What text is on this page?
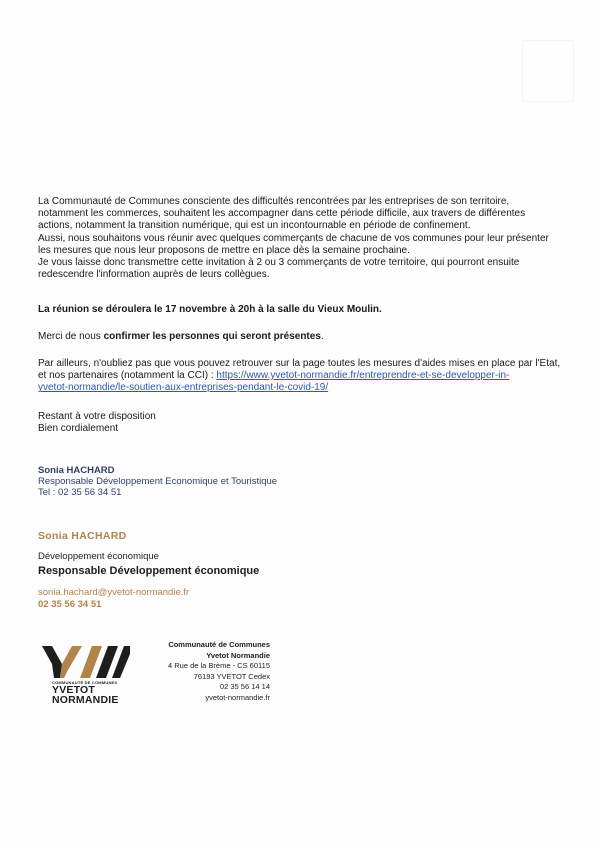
La Communauté de Communes consciente des difficultés rencontrées par les entreprises de son territoire,

notamment les commerces, souhaitent les accompagner dans cette période difficile, aux travers de différentes

actions, notamment la transition numérique, qui est un incontournable en période de confinement.

Aussi, nous souhaitons vous réunir avec quelques commerçants de chacune de vos communes pour leur présenter

les mesures que nous leur proposons de mettre en place dès la semaine prochaine.

Je vous laisse donc transmettre cette invitation à 2 ou 3 commerçants de votre territoire, qui pourront ensuite

redescendre l'information auprès de leurs collègues.

La réunion se déroulera le 17 novembre à 20h à la salle du Vieux Moulin.
Merci de nous confirmer les personnes qui seront présentes.

Par ailleurs, n'oubliez pas que vous pouvez retrouver sur la page toutes les mesures d'aides mises en place par l'Etat,

et nos partenaires (notamment la CCI) : https://www.yvetot-normandie.fr/entreprendre-et-se-developper-in-

yvetot-normandie/le-soutien-aux-entreprises-pendant-le-covid-19/

Restant à votre disposition

Bien cordialement

Sonia HACHARD
Responsable Développement Economique et Touristique
Tel : 02 35 56 34 51
Sonia HACHARD
Développement économique
Responsable Développement économique
sonia.hachard@yvetot-normandie.fr
02 35 56 34 51
COMMUNAUTÉ DE COMMUNES
YVETOT
NORMANDIE
Communauté de Communes
Yvetot Normandie
4 Rue de la Brème - CS 60115
76193 YVETOT Cedex
02 35 56 14 14
yvetot-normandie.fr
